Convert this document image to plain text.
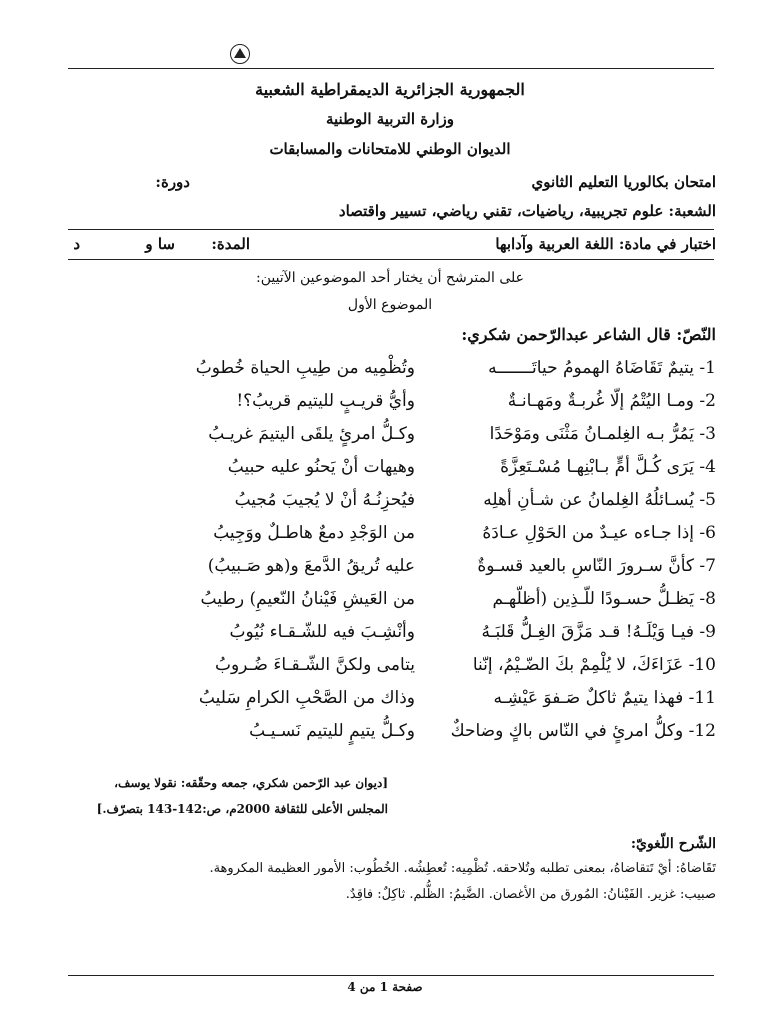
الجمهورية الجزائرية الديمقراطية الشعبية
وزارة التربية الوطنية
الديوان الوطني للامتحانات والمسابقات
امتحان بكالوريا التعليم الثانوي
دورة:
الشعبة: علوم تجريبية، رياضيات، تقني رياضي، تسيير واقتصاد
اختبار في مادة: اللغة العربية وآدابها
المدة:
سا و
د
على المترشح أن يختار أحد الموضوعين الآتيين:
الموضوع الأول
النّصّ: قال الشاعر عبدالرّحمن شكري:
1- يتيمٌ تَقَاضَاهُ الهمومُ حياتَـــــــه
وتُظْمِيه من طِيبِ الحياة خُطوبُ
2- ومـا اليُتْمُ إلّا غُربـةٌ ومَهـانـةٌ
وأيُّ قريـبٍ لليتيم قريبُ؟!
3- يَمُرُّ بـه الغِلمـانُ مَثْنَى ومَوْحَدًا
وكـلُّ امرئٍ يلقَى اليتيمَ غريـبُ
4- يَرَى كُـلَّ أمٍّ بـابْنِهـا مُسْـتَعِزَّةً
وهيهات أنْ يَحنُو عليه حبيبُ
5- يُسـائلُهُ الغِلمانُ عن شـأنِ أهلِه
فيُحزِنُـهُ أنْ لا يُجيبَ مُجيبُ
6- إذا جـاءه عيـدٌ من الحَوْلِ عـادَهُ
من الوَجْدِ دمعٌ هاطـلٌ ووَجِيبُ
7- كأنَّ سـرورَ النّاسِ بالعيد قسـوةٌ
عليه تُريقُ الدَّمعَ و(هو صَـبيبُ)
8- يَظـلُّ حسـودًا للّـذِين (أظلّهـم
من العَيشِ فَيْنانُ النّعيمِ) رطيبُ
9- فيـا وَيْلَـهُ! قـد مَزَّقَ الغِـلُّ قَلبَـهُ
وأنْشِـبَ فيه للشّـقـاء نُيُوبُ
10- عَزَاءَكَ، لا يُلْمِمْ بكَ الضّـيْمُ، إنّنا
يتامى ولكنَّ الشّـقـاءَ ضُـروبُ
11- فهذا يتيمٌ ثاكلٌ صَـفوَ عَيْشِـه
وذاك من الصَّحْبِ الكرامِ سَليبُ
12- وكلُّ امرئٍ في النّاس باكٍ وضاحكٌ
وكـلُّ يتيمٍ لليتيم نَسـيـبُ
[ديوان عبد الرّحمن شكري، جمعه وحقّقه: نقولا يوسف،
المجلس الأعلى للثقافة 2000م، ص:142-143 بتصرّف.]
الشّرح اللّغويّ:
تَقَاضاهُ: أيْ تَتقاضاهُ، بمعنى تطلبه وتُلاحقه. تُظْمِيه: تُعطِشُه. الخُطُوب: الأمور العظيمة المكروهة.
صبيب: غزير. الفَيْنانُ: المُورق من الأغصان. الضَّيمُ: الظُّلم. ثاكِلٌ: فاقِدٌ.
صفحة 1 من 4
